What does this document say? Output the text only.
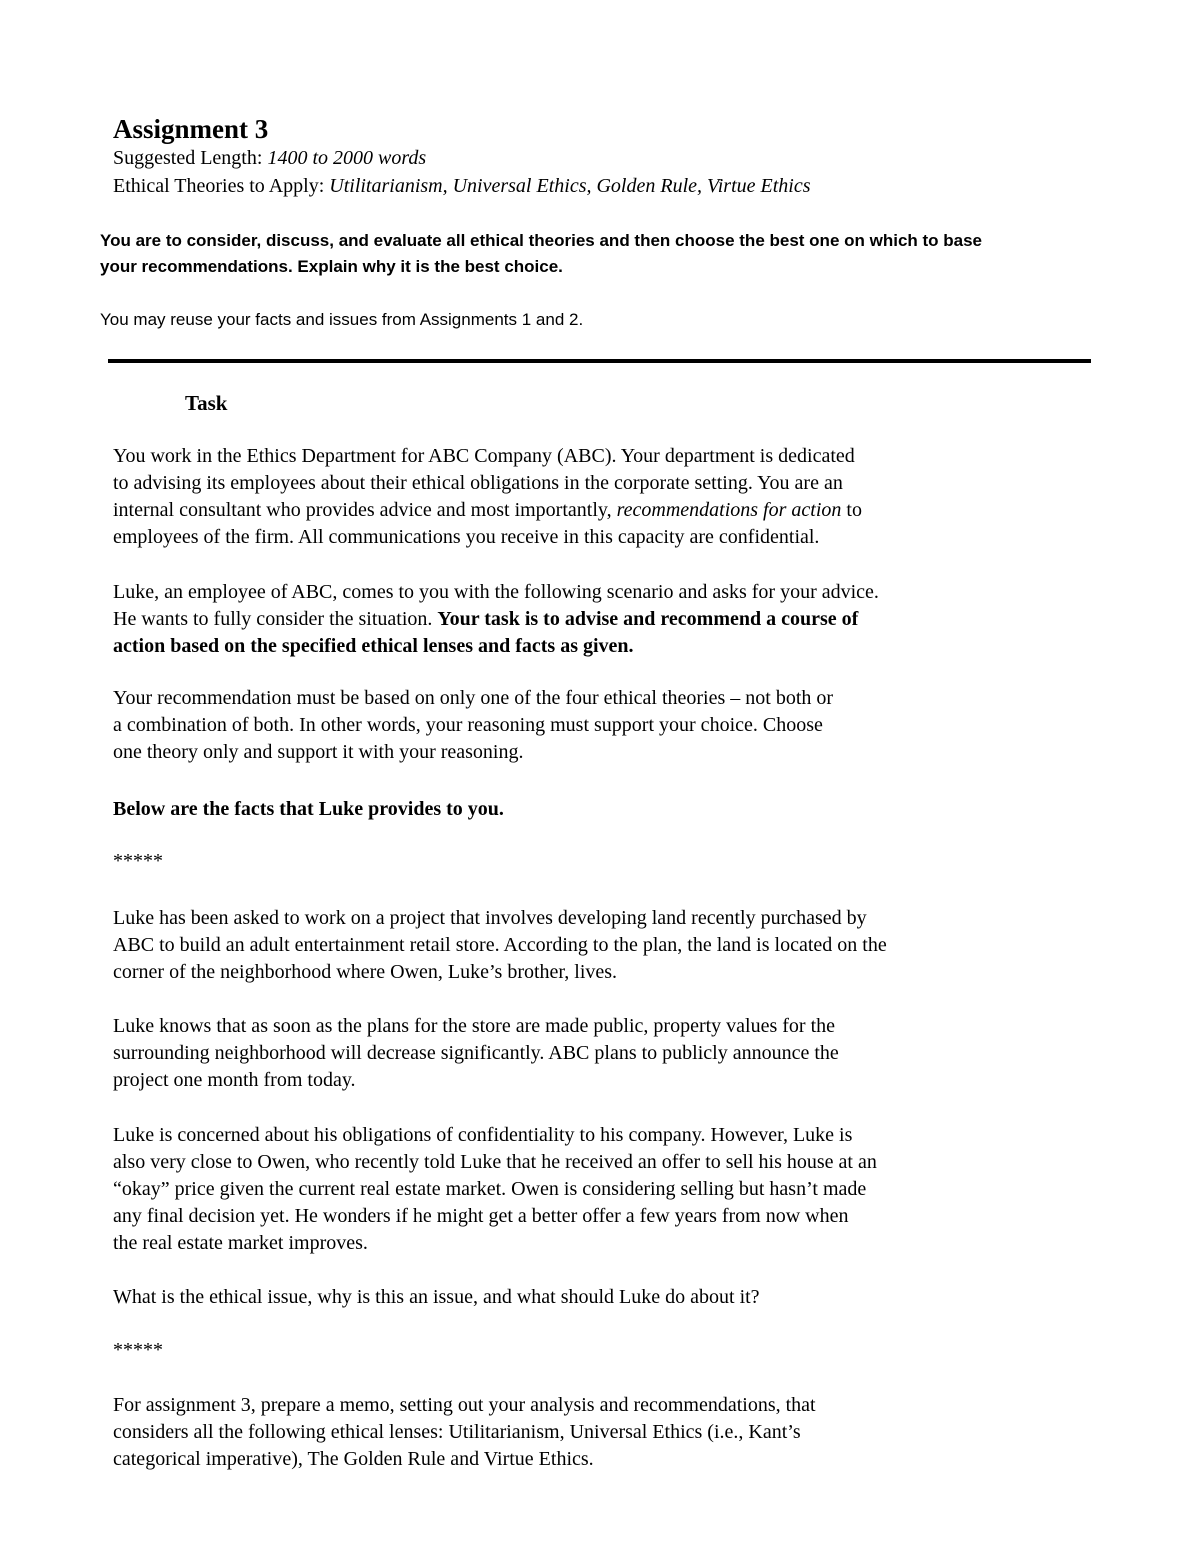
Assignment 3
Suggested Length: 1400 to 2000 words
Ethical Theories to Apply: Utilitarianism, Universal Ethics, Golden Rule, Virtue Ethics
You are to consider, discuss, and evaluate all ethical theories and then choose the best one on which to base
your recommendations. Explain why it is the best choice.
You may reuse your facts and issues from Assignments 1 and 2.
Task
You work in the Ethics Department for ABC Company (ABC). Your department is dedicated
to advising its employees about their ethical obligations in the corporate setting. You are an
internal consultant who provides advice and most importantly, recommendations for action to
employees of the firm. All communications you receive in this capacity are confidential.
Luke, an employee of ABC, comes to you with the following scenario and asks for your advice.
He wants to fully consider the situation. Your task is to advise and recommend a course of
action based on the specified ethical lenses and facts as given.
Your recommendation must be based on only one of the four ethical theories – not both or
a combination of both. In other words, your reasoning must support your choice. Choose
one theory only and support it with your reasoning.
Below are the facts that Luke provides to you.
*****
Luke has been asked to work on a project that involves developing land recently purchased by
ABC to build an adult entertainment retail store. According to the plan, the land is located on the
corner of the neighborhood where Owen, Luke’s brother, lives.
Luke knows that as soon as the plans for the store are made public, property values for the
surrounding neighborhood will decrease significantly. ABC plans to publicly announce the
project one month from today.
Luke is concerned about his obligations of confidentiality to his company. However, Luke is
also very close to Owen, who recently told Luke that he received an offer to sell his house at an
“okay” price given the current real estate market. Owen is considering selling but hasn’t made
any final decision yet. He wonders if he might get a better offer a few years from now when
the real estate market improves.
What is the ethical issue, why is this an issue, and what should Luke do about it?
*****
For assignment 3, prepare a memo, setting out your analysis and recommendations, that
considers all the following ethical lenses: Utilitarianism, Universal Ethics (i.e., Kant’s
categorical imperative), The Golden Rule and Virtue Ethics.
